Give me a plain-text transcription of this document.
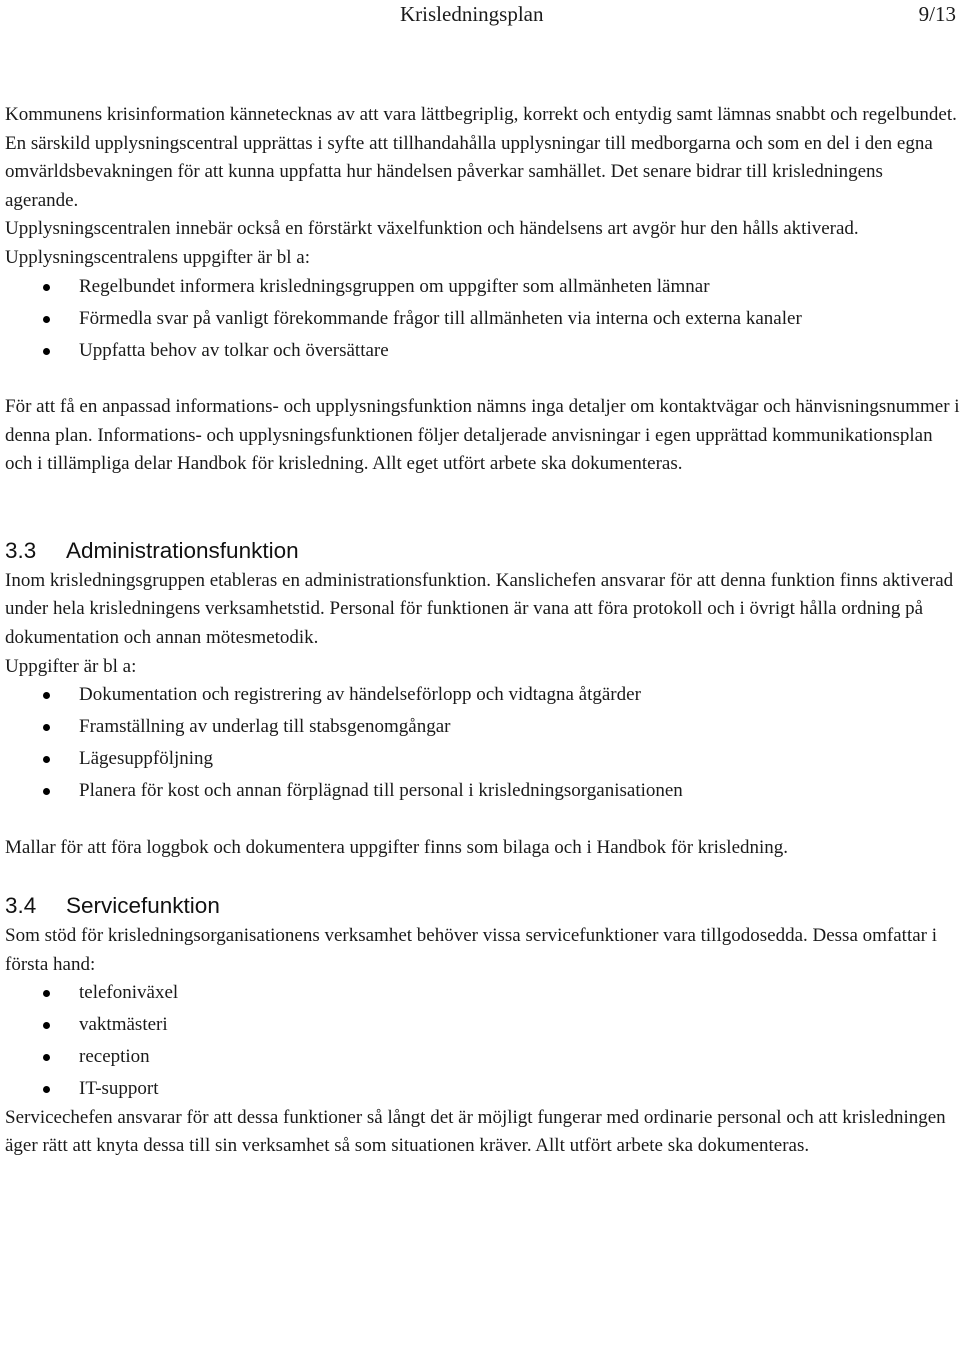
Krisledningsplan	9/13

Kommunens krisinformation kännetecknas av att vara lättbegriplig, korrekt och entydig samt lämnas snabbt och regelbundet.

En särskild upplysningscentral upprättas i syfte att tillhandahålla upplysningar till medborgarna och som en del i den egna omvärldsbevakningen för att kunna uppfatta hur händelsen påverkar samhället. Det senare bidrar till krisledningens agerande.

Upplysningscentralen innebär också en förstärkt växelfunktion och händelsens art avgör hur den hålls aktiverad.

Upplysningscentralens uppgifter är bl a:

Regelbundet informera krisledningsgruppen om uppgifter som allmänheten lämnar
Förmedla svar på vanligt förekommande frågor till allmänheten via interna och externa kanaler
Uppfatta behov av tolkar och översättare

För att få en anpassad informations- och upplysningsfunktion nämns inga detaljer om kontaktvägar och hänvisningsnummer i denna plan. Informations- och upplysningsfunktionen följer detaljerade anvisningar i egen upprättad kommunikationsplan och i tillämpliga delar Handbok för krisledning. Allt eget utfört arbete ska dokumenteras.

3.3 Administrationsfunktion

Inom krisledningsgruppen etableras en administrationsfunktion. Kanslichefen ansvarar för att denna funktion finns aktiverad under hela krisledningens verksamhetstid. Personal för funktionen är vana att föra protokoll och i övrigt hålla ordning på dokumentation och annan mötesmetodik.

Uppgifter är bl a:

Dokumentation och registrering av händelseförlopp och vidtagna åtgärder
Framställning av underlag till stabsgenomgångar
Lägesuppföljning
Planera för kost och annan förplägnad till personal i krisledningsorganisationen

Mallar för att föra loggbok och dokumentera uppgifter finns som bilaga och i Handbok för krisledning.

3.4 Servicefunktion

Som stöd för krisledningsorganisationens verksamhet behöver vissa servicefunktioner vara tillgodosedda. Dessa omfattar i första hand:

telefoniväxel
vaktmästeri
reception
IT-support

Servicechefen ansvarar för att dessa funktioner så långt det är möjligt fungerar med ordinarie personal och att krisledningen äger rätt att knyta dessa till sin verksamhet så som situationen kräver. Allt utfört arbete ska dokumenteras.
